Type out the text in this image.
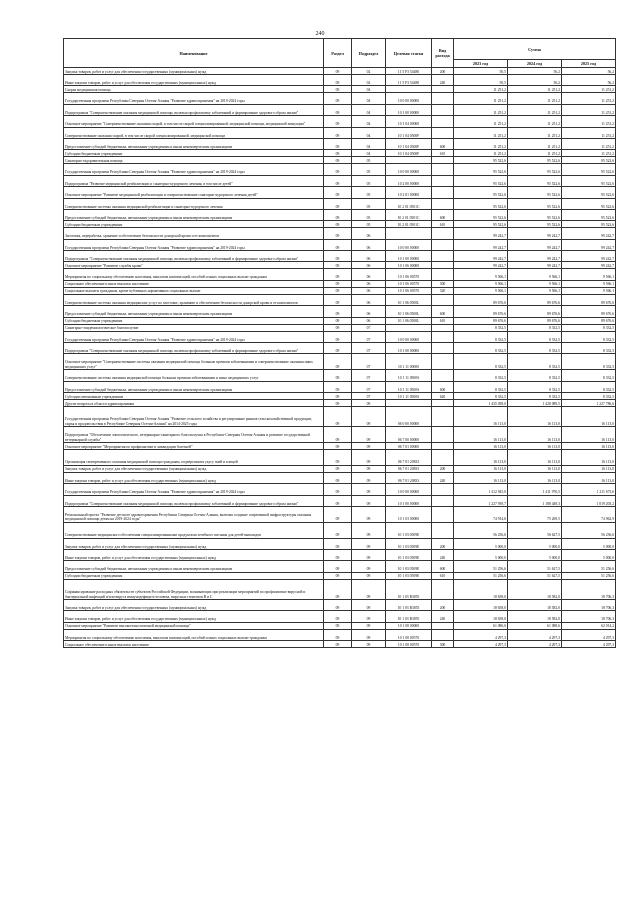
240
Наименование	Раздел	Подраздел	Целевая статья	Вид расхода	Сумма		
					2023 год	2024 год	2025 год
Закупка товаров, работ и услуг для обеспечения государственных (муниципальных) нужд	09	02	11 5 F3 54480	200	50,5	56,2	56,2
Иные закупки товаров, работ и услуг для обеспечения государственных (муниципальных) нужд	09	02	11 5 F3 54480	240	50,5	56,2	56,2
Скорая медицинская помощь	09	04			11 251,2	11 251,2	11 251,2
Государственная программа Республики Северная Осетия-Алания "Развитие здравоохранения" на 2019-2024 годы	09	04	10 0 00 00000		11 251,2	11 251,2	11 251,2
Подпрограмма "Совершенствование оказания медицинской помощи, включая профилактику заболеваний и формирование здорового образа жизни"	09	04	10 1 00 00000		11 251,2	11 251,2	11 251,2
Основное мероприятие "Совершенствование оказания скорой, в том числе скорой специализированной, медицинской помощи, медицинской эвакуации"	09	04	10 1 04 00000		11 251,2	11 251,2	11 251,2
Совершенствование оказания скорой, в том числе скорой специализированной, медицинской помощи	09	04	10 1 04 0500F		11 251,2	11 251,2	11 251,2
Предоставление субсидий бюджетным, автономным учреждениям и иным некоммерческим организациям	09	04	10 1 04 0500F	600	11 251,2	11 251,2	11 251,2
Субсидии бюджетным учреждениям	09	04	10 1 04 0500F	610	11 251,2	11 251,2	11 251,2
Санаторно-оздоровительная помощь	09	05			95 522,6	95 522,6	95 522,6
Государственная программа Республики Северная Осетия-Алания "Развитие здравоохранения" на 2019-2024 годы	09	05	10 0 00 00000		95 522,6	95 522,6	95 522,6
Подпрограмма "Развитие медицинской реабилитации и санаторно-курортного лечения, в том числе детей"	09	05	10 2 00 00000		95 522,6	95 522,6	95 522,6
Основное мероприятие "Развитие медицинской реабилитации и совершенствование санаторно-курортного лечения детей"	09	05	10 2 01 00000		95 522,6	95 522,6	95 522,6
Совершенствование системы оказания медицинской реабилитации и санаторно-курортного лечения	09	05	10 2 01 0501C		95 522,6	95 522,6	95 522,6
Предоставление субсидий бюджетным, автономным учреждениям и иным некоммерческим организациям	09	05	10 2 01 0501C	600	95 522,6	95 522,6	95 522,6
Субсидии бюджетным учреждениям	09	05	10 2 01 0501C	610	95 522,6	95 522,6	95 522,6
Заготовка, переработка, хранение и обеспечение безопасности донорской крови и ее компонентов	09	06			99 242,7	99 242,7	99 242,7
Государственная программа Республики Северная Осетия-Алания "Развитие здравоохранения" на 2019-2024 годы	09	06	10 0 00 00000		99 242,7	99 242,7	99 242,7
Подпрограмма "Совершенствование оказания медицинской помощи, включая профилактику заболеваний и формирование здорового образа жизни"	09	06	10 1 00 00000		99 242,7	99 242,7	99 242,7
Основное мероприятие "Развитие службы крови"	09	06	10 1 06 00000		99 242,7	99 242,7	99 242,7
Мероприятия по социальному обеспечению населения, выплатам компенсаций, пособий и иных социальных выплат гражданам	09	06	10 1 06 00570		9 566,1	9 566,1	9 566,1
Социальное обеспечение и иные выплаты населению	09	06	10 1 06 00570	300	9 566,1	9 566,1	9 566,1
Социальные выплаты гражданам, кроме публичных нормативных социальных выплат	09	06	10 1 06 00570	320	9 566,1	9 566,1	9 566,1
Совершенствование системы оказания медицинских услуг по заготовке, хранению и обеспечению безопасности донорской крови и ее компонентов	09	06	10 1 06 0500L		89 676,6	89 676,6	89 676,6
Предоставление субсидий бюджетным, автономным учреждениям и иным некоммерческим организациям	09	06	10 1 06 0500L	600	89 676,6	89 676,6	89 676,6
Субсидии бюджетным учреждениям	09	06	10 1 06 0500L	610	89 676,6	89 676,6	89 676,6
Санитарно-эпидемиологическое благополучие	09	07			8 332,5	8 332,5	8 332,5
Государственная программа Республики Северная Осетия-Алания "Развитие здравоохранения" на 2019-2024 годы	09	07	10 0 00 00000		8 332,5	8 332,5	8 332,5
Подпрограмма "Совершенствование оказания медицинской помощи, включая профилактику заболеваний и формирование здорового образа жизни"	09	07	10 1 00 00000		8 332,5	8 332,5	8 332,5
Основное мероприятие "Совершенствование системы оказания медицинской помощи больным прочими заболеваниями и совершенствование оказания иных медицинских услуг"	09	07	10 1 11 00000		8 332,5	8 332,5	8 332,5
Совершенствование системы оказания медицинской помощи больным прочими заболеваниями и иных медицинских услуг	09	07	10 1 11 0500S		8 332,5	8 332,5	8 332,5
Предоставление субсидий бюджетным, автономным учреждениям и иным некоммерческим организациям	09	07	10 1 11 0500S	600	8 332,5	8 332,5	8 332,5
Субсидии автономным учреждениям	09	07	10 1 11 0500S	620	8 332,5	8 332,5	8 332,5
Другие вопросы в области здравоохранения	09	09			1 435 058,0	1 428 089,5	1 227 786,6
Государственная программа Республики Северная Осетия-Алания "Развитие сельского хозяйства и регулирование рынков сельскохозяйственной продукции, сырья и продовольствия в Республике Северная Осетия-Алания" на 2014-2025 годы	09	09	06 0 00 00000		16 113,0	16 113,0	16 113,0
Подпрограмма "Обеспечение эпизоотического, ветеринарно-санитарного благополучия в Республике Северная Осетия-Алания и развитие государственной ветеринарной службы"	09	09	06 7 00 00000		16 113,0	16 113,0	16 113,0
Основное мероприятие "Мероприятия по профилактике и ликвидации болезней"	09	09	06 7 01 00000		16 113,0	16 113,0	16 113,0
Организация своевременного оказания медицинской помощи гражданам, подвергшимся укусу змей и клещей	09	09	06 7 01 20833		16 113,0	16 113,0	16 113,0
Закупка товаров, работ и услуг для обеспечения государственных (муниципальных) нужд	09	09	06 7 01 20833	200	16 113,0	16 113,0	16 113,0
Иные закупки товаров, работ и услуг для обеспечения государственных (муниципальных) нужд	09	09	06 7 01 20833	240	16 113,0	16 113,0	16 113,0
Государственная программа Республики Северная Осетия-Алания "Развитие здравоохранения" на 2019-2024 годы	09	09	10 0 00 00000		1 412 945,0	1 411 976,5	1 211 673,6
Подпрограмма "Совершенствование оказания медицинской помощи, включая профилактику заболеваний и формирование здорового образа жизни"	09	09	10 1 00 00000		1 227 939,7	1 188 449,3	1 019 203,2
Региональный проект "Развитие детского здравоохранения Республики Северная Осетия-Алания, включая создание современной инфраструктуры оказания медицинской помощи детям на 2019-2024 годы"	09	09	10 1 03 00000		74 914,6	75 269,5	74 962,9
Совершенствование медицинского обеспечения специализированными продуктами лечебного питания для детей-инвалидов	09	09	10 1 03 0509E		56 256,6	56 627,5	56 256,6
Закупка товаров, работ и услуг для обеспечения государственных (муниципальных) нужд	09	09	10 1 03 0509E	200	5 000,0	5 000,0	5 000,0
Иные закупки товаров, работ и услуг для обеспечения государственных (муниципальных) нужд	09	09	10 1 03 0509E	240	5 000,0	5 000,0	5 000,0
Предоставление субсидий бюджетным, автономным учреждениям и иным некоммерческим организациям	09	09	10 1 03 0509E	600	51 256,6	51 627,5	51 256,6
Субсидии бюджетным учреждениям	09	09	10 1 03 0509E	610	51 256,6	51 627,5	51 256,6
Софинансирование расходных обязательств субъектов Российской Федерации, возникающих при реализации мероприятий по профилактике вирусной и бактериальной инфекций и/или вируса иммунодефицита человека, вирусных гепатитов В и С	09	09	10 1 03 R3855		18 658,0	18 582,0	18 706,3
Закупка товаров, работ и услуг для обеспечения государственных (муниципальных) нужд	09	09	10 1 03 R3855	200	18 658,0	18 582,0	18 706,3
Иные закупки товаров, работ и услуг для обеспечения государственных (муниципальных) нужд	09	09	10 1 03 R3855	240	18 658,0	18 582,0	18 706,3
Основное мероприятие "Развитие высокотехнологичной медицинской помощи"	09	09	10 1 08 00000		61 086,0	61 088,6	62 014,2
Мероприятия по социальному обеспечению населения, выплатам компенсаций, пособий и иных социальных выплат гражданам	09	09	10 1 08 00570		4 297,3	4 297,3	4 297,3
Социальное обеспечение и иные выплаты населению	09	09	10 1 08 00570	300	4 297,3	4 297,3	4 297,3
